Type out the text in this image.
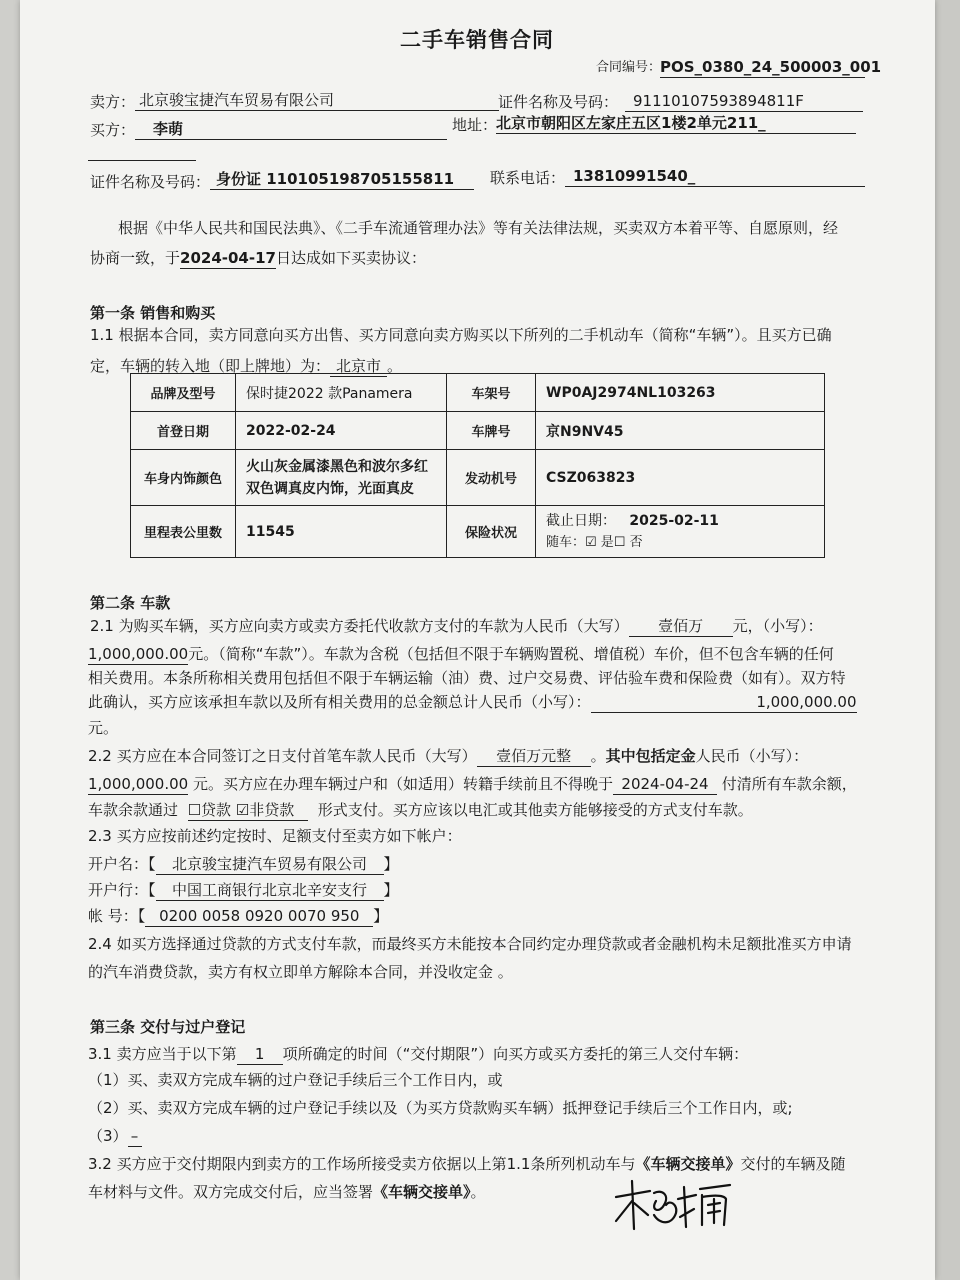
二手车销售合同
合同编号：
POS_0380_24_500003_001
卖方： 北京骏宝捷汽车贸易有限公司	证件名称及号码： 91110107593894811F
买方：	李萌	地址：
北京市朝阳区左家庄五区1楼2单元211_
证件名称及号码： 身份证 110105198705155811	联系电话： 13810991540_
根据《中华人民共和国民法典》、《二手车流通管理办法》等有关法律法规，买卖双方本着平等、自愿原则，经
协商一致，于2024-04-17日达成如下买卖协议：
第一条 销售和购买
1.1 根据本合同，卖方同意向买方出售、买方同意向卖方购买以下所列的二手机动车（简称“车辆”）。且买方已确
定，车辆的转入地（即上牌地）为： 北京市 。
品牌及型号	保时捷2022 款Panamera	车架号	WP0AJ2974NL103263
首登日期	2022-02-24	车牌号	京N9NV45
车身内饰颜色	火山灰金属漆黑色和波尔多红
双色调真皮内饰，光面真皮	发动机号	CSZ063823
里程表公里数	11545	保险状况	截止日期： 2025-02-11
随车：☑ 是☐ 否
第二条 车款
2.1 为购买车辆，买方应向卖方或卖方委托代收款方支付的车款为人民币（大写） 壹佰万 元，（小写）：
1,000,000.00元。（简称“车款”）。车款为含税（包括但不限于车辆购置税、增值税）车价，但不包含车辆的任何
相关费用。本条所称相关费用包括但不限于车辆运输（油）费、过户交易费、评估验车费和保险费（如有）。双方特
此确认，买方应该承担车款以及所有相关费用的总金额总计人民币（小写）：	1,000,000.00
元。
2.2 买方应在本合同签订之日支付首笔车款人民币（大写） 壹佰万元整 。其中包括定金人民币（小写）：
1,000,000.00 元。买方应在办理车辆过户和（如适用）转籍手续前且不得晚于 2024-04-24 付清所有车款余额，
车款余款通过 ☐贷款 ☑非贷款 形式支付。买方应该以电汇或其他卖方能够接受的方式支付车款。
2.3 买方应按前述约定按时、足额支付至卖方如下帐户：
开户名：【 北京骏宝捷汽车贸易有限公司 】
开户行：【 中国工商银行北京北辛安支行 】
帐 号：【 0200 0058 0920 0070 950 】
2.4 如买方选择通过贷款的方式支付车款，而最终买方未能按本合同约定办理贷款或者金融机构未足额批准买方申请
的汽车消费贷款，卖方有权立即单方解除本合同，并没收定金 。
第三条 交付与过户登记
3.1 卖方应当于以下第 1 项所确定的时间（“交付期限”）向买方或买方委托的第三人交付车辆：
（1）买、卖双方完成车辆的过户登记手续后三个工作日内，或
（2）买、卖双方完成车辆的过户登记手续以及（为买方贷款购买车辆）抵押登记手续后三个工作日内，或;
（3） –
3.2 买方应于交付期限内到卖方的工作场所接受卖方依据以上第1.1条所列机动车与《车辆交接单》交付的车辆及随
车材料与文件。双方完成交付后，应当签署《车辆交接单》。
